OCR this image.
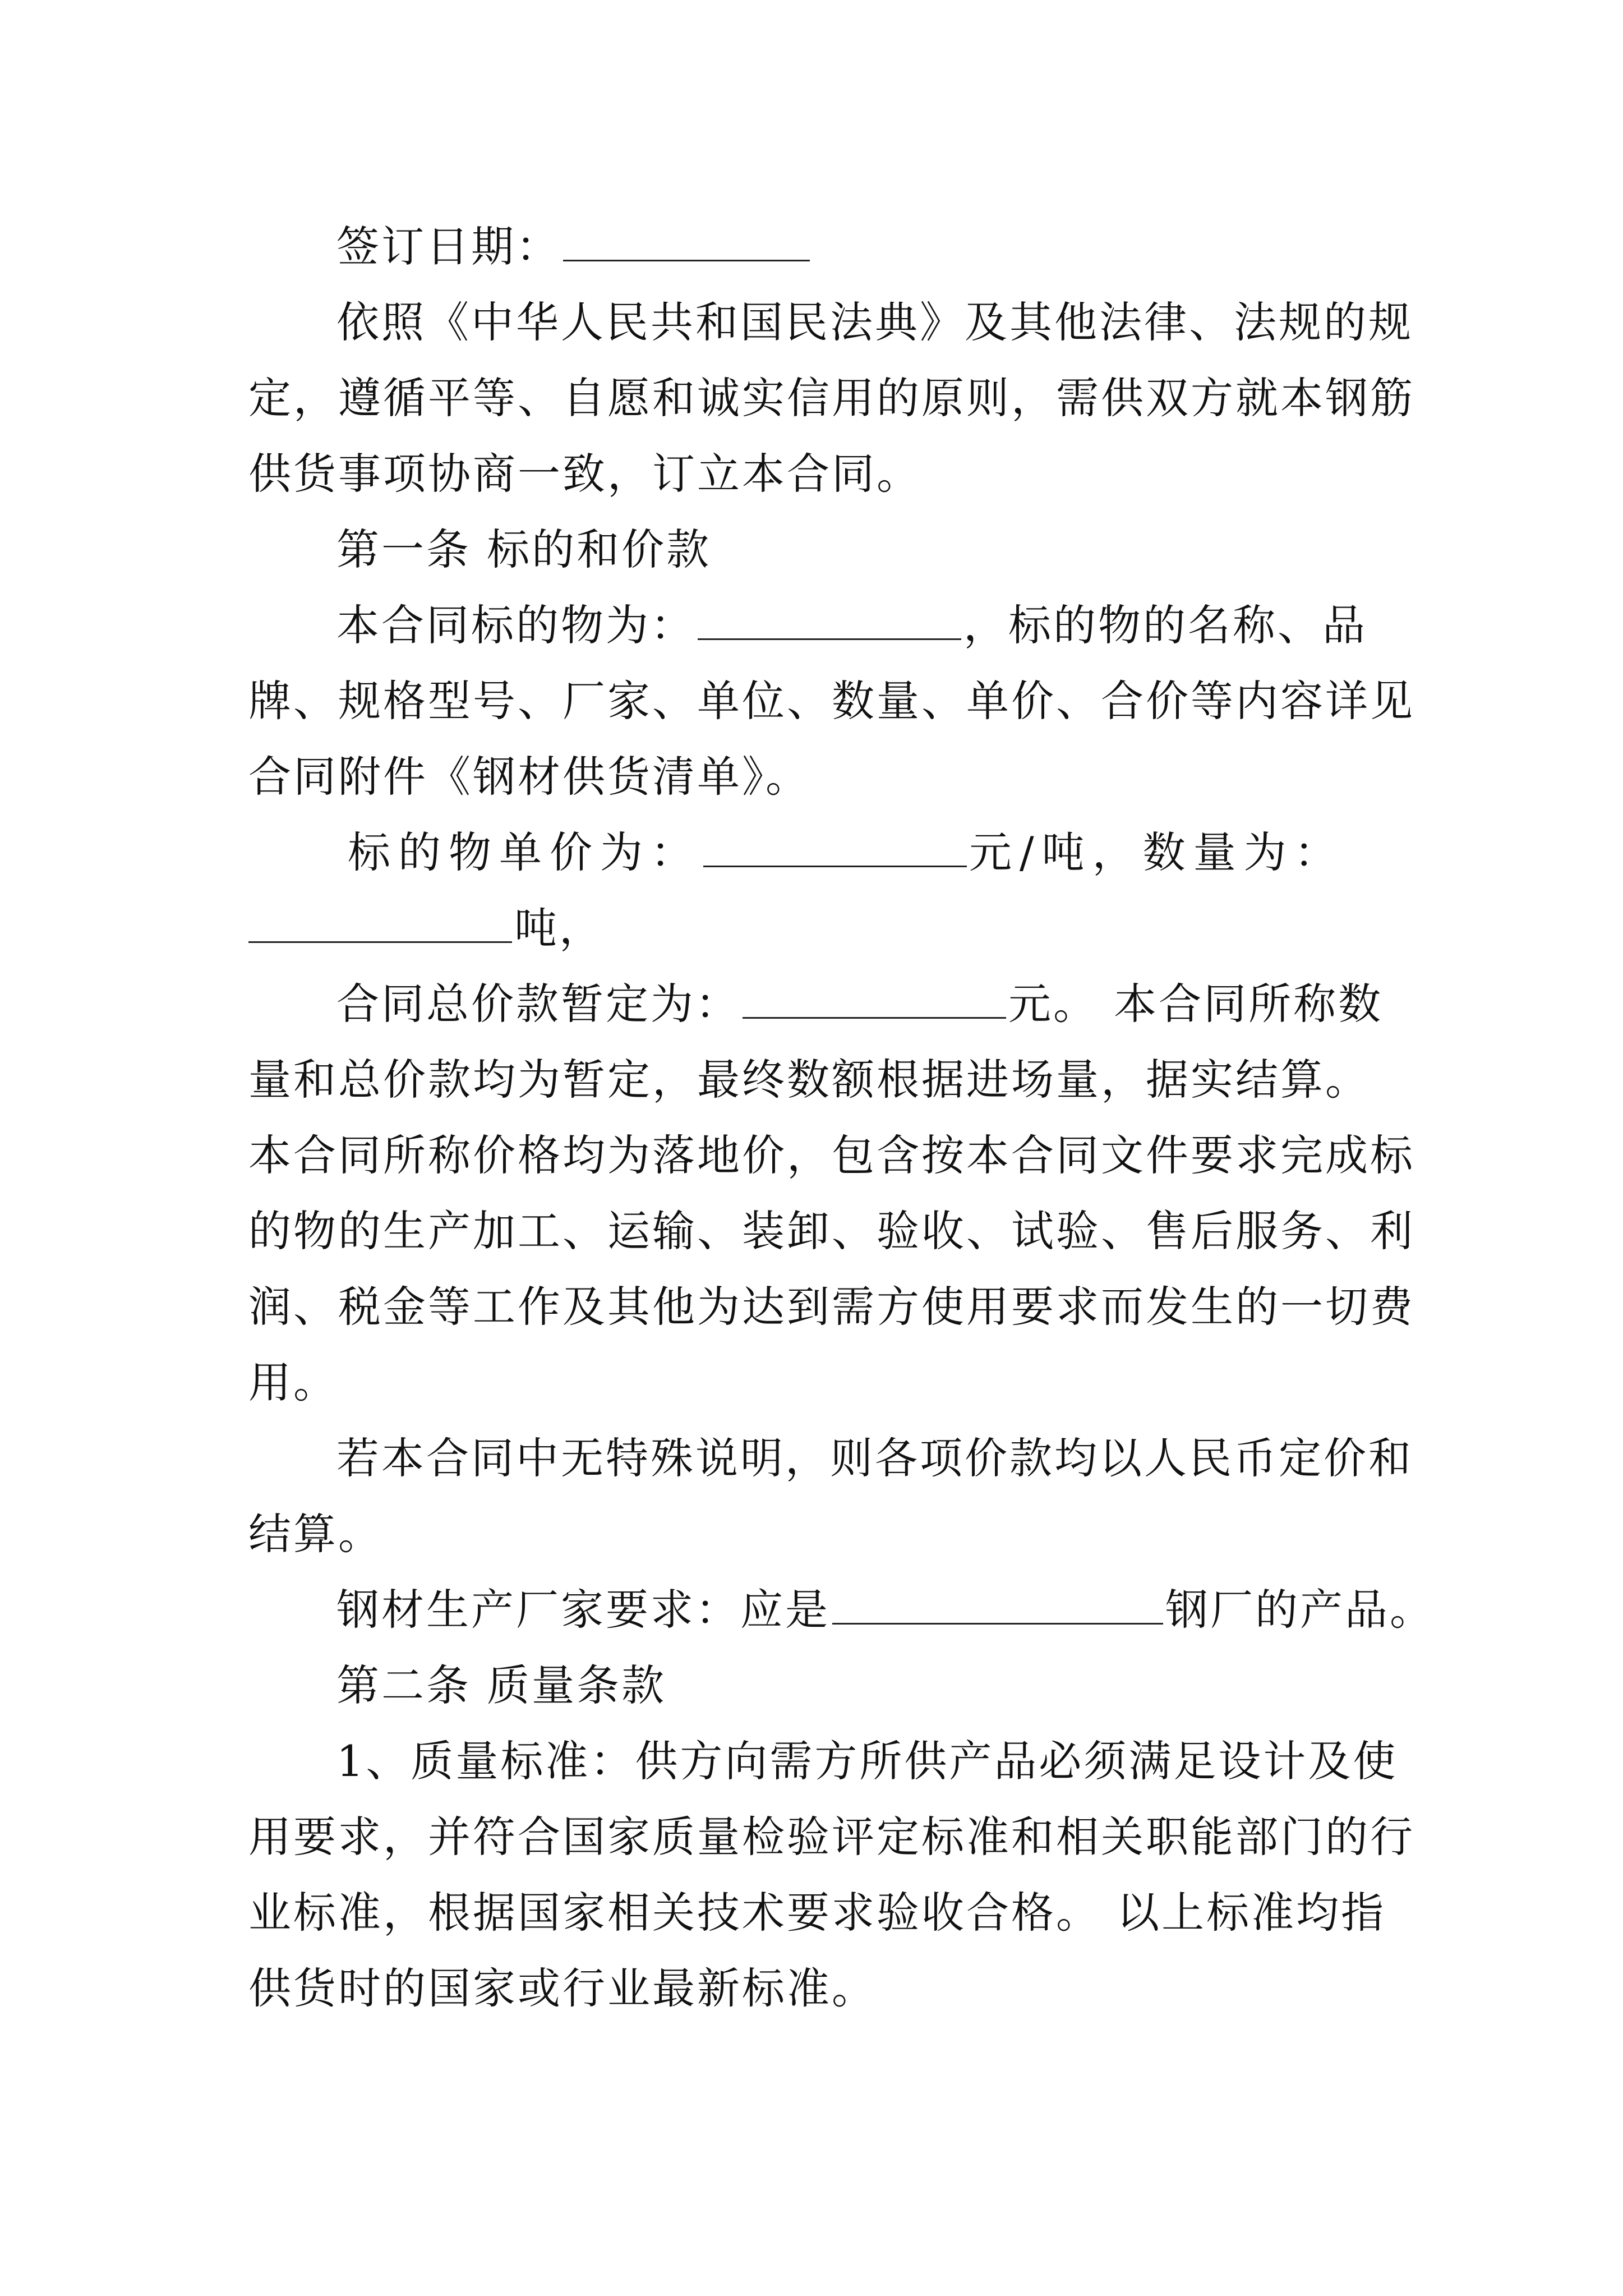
签订日期：
依照《中华人民共和国民法典》及其他法律、法规的规
定，遵循平等、自愿和诚实信用的原则，需供双方就本钢筋
供货事项协商一致，订立本合同。
第一条 标的和价款
本合同标的物为：	，标的物的名称、品
牌、规格型号、厂家、单位、数量、单价、合价等内容详见
合同附件《钢材供货清单》。
标的物单价为：	元/吨，数量为：
吨，
合同总价款暂定为：	元。 本合同所称数
量和总价款均为暂定，最终数额根据进场量，据实结算。
本合同所称价格均为落地价，包含按本合同文件要求完成标
的物的生产加工、运输、装卸、验收、试验、售后服务、利
润、税金等工作及其他为达到需方使用要求而发生的一切费
用。
若本合同中无特殊说明，则各项价款均以人民币定价和
结算。
钢材生产厂家要求：应是	钢厂的产品。
第二条 质量条款
1、质量标准：供方向需方所供产品必须满足设计及使
用要求，并符合国家质量检验评定标准和相关职能部门的行
业标准，根据国家相关技术要求验收合格。 以上标准均指
供货时的国家或行业最新标准。
